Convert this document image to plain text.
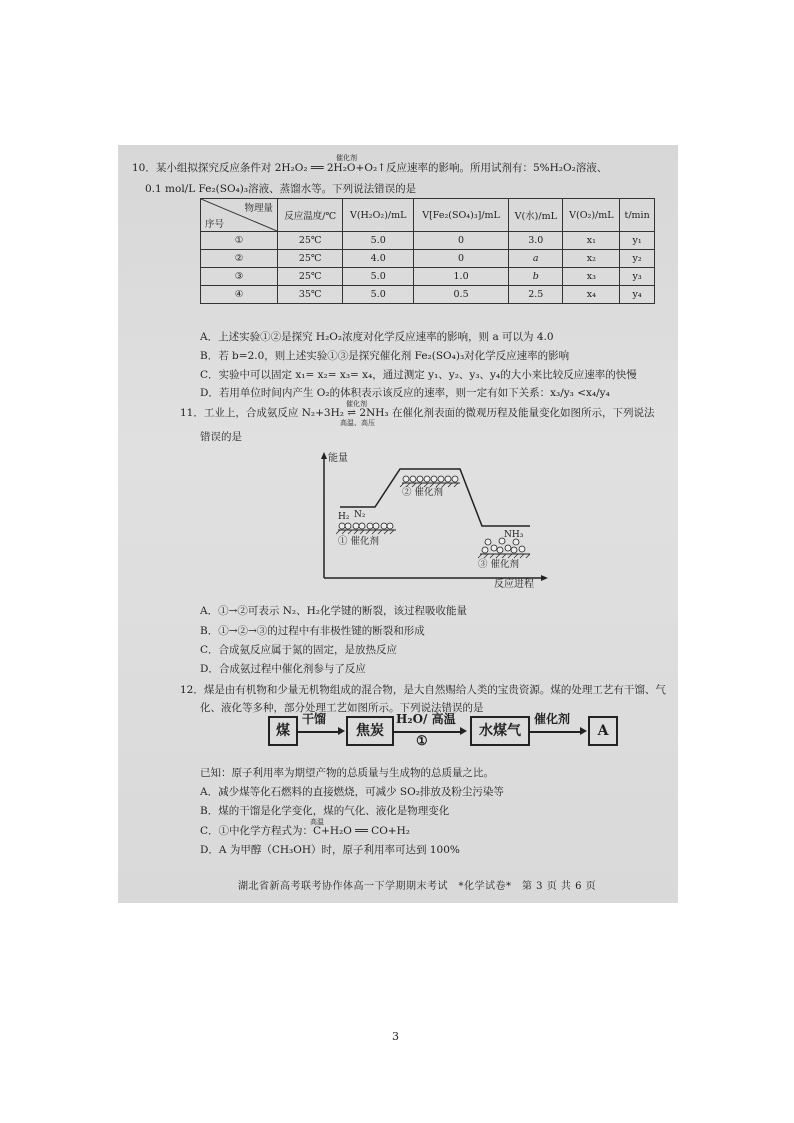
10．某小组拟探究反应条件对 2H₂O₂ ══ 2H₂O+O₂↑反应速率的影响。所用试剂有：5%H₂O₂溶液、
催化剂
0.1 mol/L Fe₂(SO₄)₃溶液、蒸馏水等。下列说法错误的是
物理量
序号	反应温度/℃	V(H₂O₂)/mL	V[Fe₂(SO₄)₃]/mL	V(水)/mL	V(O₂)/mL	t/min
①	25℃	5.0	0	3.0	x₁	y₁
②	25℃	4.0	0	a	x₂	y₂
③	25℃	5.0	1.0	b	x₃	y₃
④	35℃	5.0	0.5	2.5	x₄	y₄
A．上述实验①②是探究 H₂O₂浓度对化学反应速率的影响，则 a 可以为 4.0
B．若 b=2.0，则上述实验①③是探究催化剂 Fe₂(SO₄)₃对化学反应速率的影响
C．实验中可以固定 x₁= x₂= x₃= x₄，通过测定 y₁、y₂、y₃、y₄的大小来比较反应速率的快慢
D．若用单位时间内产生 O₂的体积表示该反应的速率，则一定有如下关系：x₃/y₃ <x₄/y₄
11．工业上，合成氨反应 N₂+3H₂ ⇌ 2NH₃ 在催化剂表面的微观历程及能量变化如图所示，下列说法
催化剂
高温、高压
错误的是
能量
反应进程
H₂ N₂
NH₃
① 催化剂
② 催化剂
③ 催化剂
A．①→②可表示 N₂、H₂化学键的断裂，该过程吸收能量
B．①→②→③的过程中有非极性键的断裂和形成
C．合成氨反应属于氮的固定，是放热反应
D．合成氨过程中催化剂参与了反应
12．煤是由有机物和少量无机物组成的混合物，是大自然赐给人类的宝贵资源。煤的处理工艺有干馏、气
化、液化等多种，部分处理工艺如图所示。下列说法错误的是
煤
干馏
焦炭
H₂O/ 高温
①
水煤气
催化剂
A
已知：原子利用率为期望产物的总质量与生成物的总质量之比。
A．减少煤等化石燃料的直接燃烧，可减少 SO₂排放及粉尘污染等
B．煤的干馏是化学变化，煤的气化、液化是物理变化
C．①中化学方程式为：C+H₂O ══ CO+H₂
高温
D．A 为甲醇（CH₃OH）时，原子利用率可达到 100%
湖北省新高考联考协作体高一下学期期末考试　*化学试卷*　第 3 页 共 6 页
3
